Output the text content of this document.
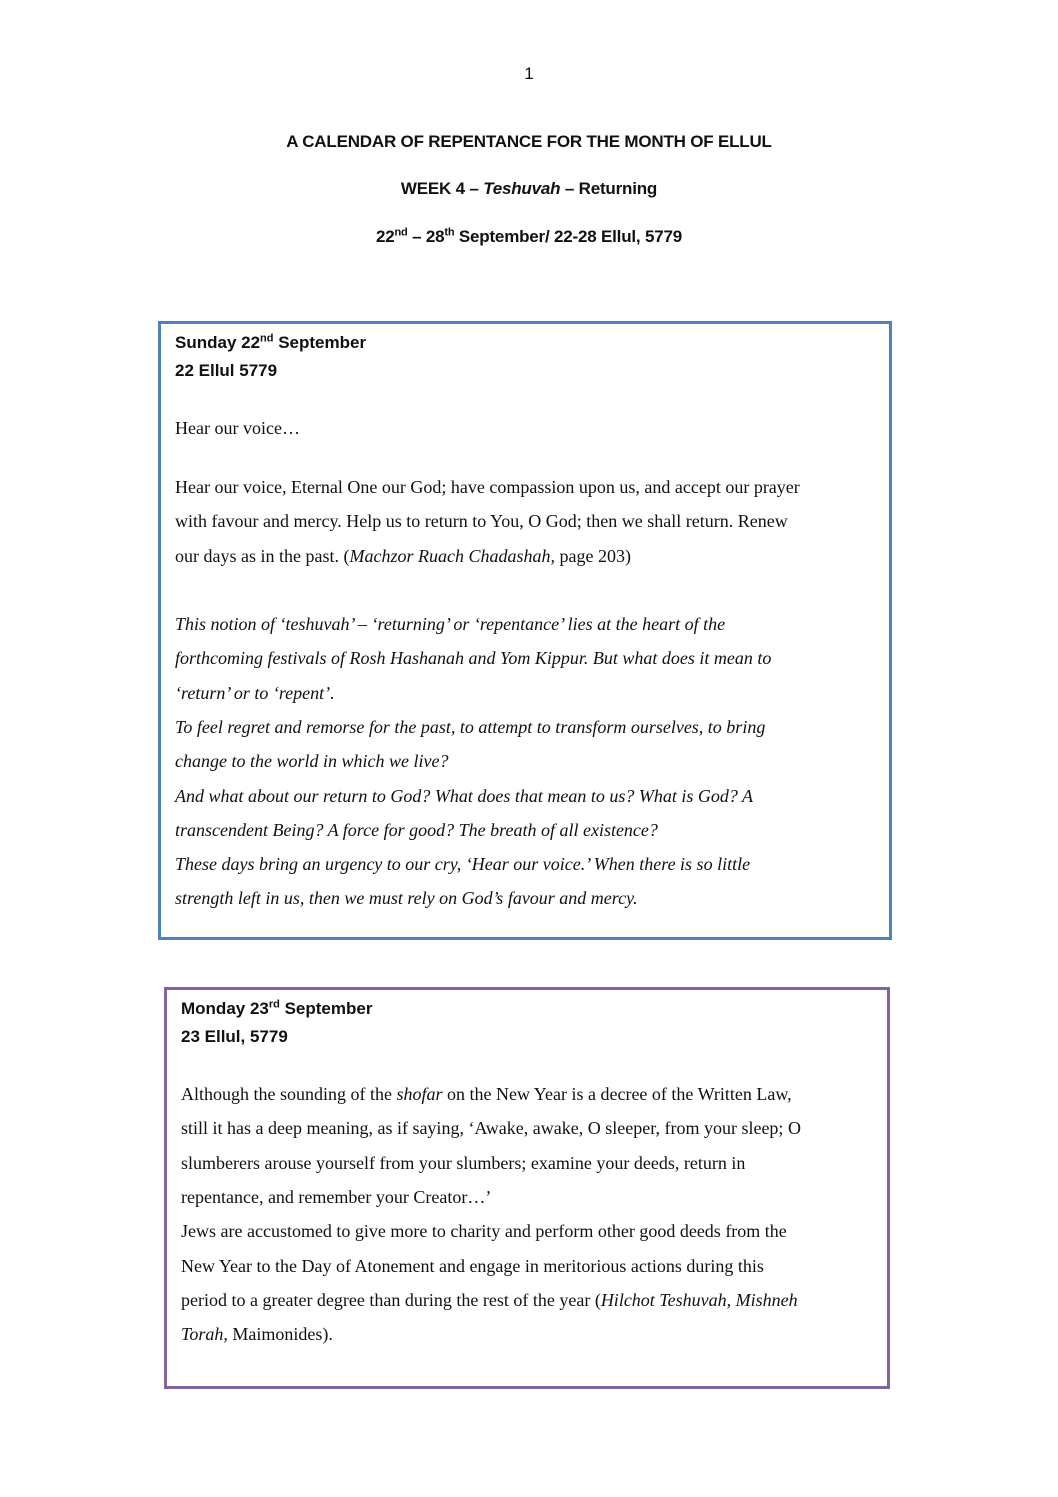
1
A CALENDAR OF REPENTANCE FOR THE MONTH OF ELLUL
WEEK 4 – Teshuvah – Returning
22nd – 28th September/ 22-28 Ellul, 5779
Sunday 22nd September
22 Ellul 5779
Hear our voice…
Hear our voice, Eternal One our God; have compassion upon us, and accept our prayer
with favour and mercy. Help us to return to You, O God; then we shall return. Renew
our days as in the past. (Machzor Ruach Chadashah, page 203)
This notion of ‘teshuvah’ – ‘returning’ or ‘repentance’ lies at the heart of the
forthcoming festivals of Rosh Hashanah and Yom Kippur. But what does it mean to
‘return’ or to ‘repent’.
To feel regret and remorse for the past, to attempt to transform ourselves, to bring
change to the world in which we live?
And what about our return to God? What does that mean to us? What is God? A
transcendent Being? A force for good? The breath of all existence?
These days bring an urgency to our cry, ‘Hear our voice.’ When there is so little
strength left in us, then we must rely on God’s favour and mercy.
Monday 23rd September
23 Ellul, 5779
Although the sounding of the shofar on the New Year is a decree of the Written Law,
still it has a deep meaning, as if saying, ‘Awake, awake, O sleeper, from your sleep; O
slumberers arouse yourself from your slumbers; examine your deeds, return in
repentance, and remember your Creator…’
Jews are accustomed to give more to charity and perform other good deeds from the
New Year to the Day of Atonement and engage in meritorious actions during this
period to a greater degree than during the rest of the year (Hilchot Teshuvah, Mishneh
Torah, Maimonides).
